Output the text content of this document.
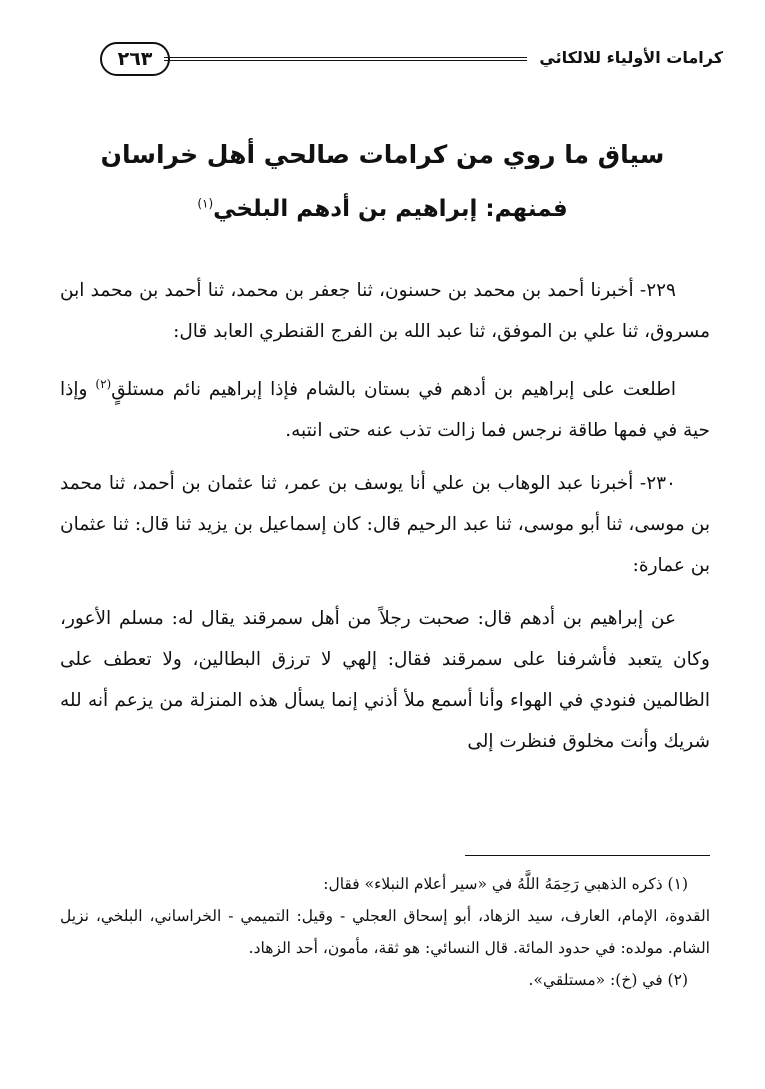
كرامات الأولياء للالكائي
٢٦٣
سياق ما روي من كرامات صالحي أهل خراسان
فمنهم: إبراهيم بن أدهم البلخي$^{(١)}$

٢٢٩- أخبرنا أحمد بن محمد بن حسنون، ثنا جعفر بن محمد، ثنا أحمد بن محمد ابن مسروق، ثنا علي بن الموفق، ثنا عبد الله بن الفرج القنطري العابد قال:

اطلعت على إبراهيم بن أدهم في بستان بالشام فإذا إبراهيم نائم مستلقٍ$^{(٢)}$ وإذا حية في فمها طاقة نرجس فما زالت تذب عنه حتى انتبه.

٢٣٠- أخبرنا عبد الوهاب بن علي أنا يوسف بن عمر، ثنا عثمان بن أحمد، ثنا محمد بن موسى، ثنا أبو موسى، ثنا عبد الرحيم قال: كان إسماعيل بن يزيد ثنا قال: ثنا عثمان بن عمارة:

عن إبراهيم بن أدهم قال: صحبت رجلاً من أهل سمرقند يقال له: مسلم الأعور، وكان يتعبد فأشرفنا على سمرقند فقال: إلهي لا ترزق البطالين، ولا تعطف على الظالمين فنودي في الهواء وأنا أسمع ملأ أذني إنما يسأل هذه المنزلة من يزعم أنه لله شريك وأنت مخلوق فنظرت إلى

(١) ذكره الذهبي رَحِمَهُ اللَّهُ في «سير أعلام النبلاء» فقال:

القدوة، الإمام، العارف، سيد الزهاد، أبو إسحاق العجلي - وقيل: التميمي - الخراساني، البلخي، نزيل الشام. مولده: في حدود المائة. قال النسائي: هو ثقة، مأمون، أحد الزهاد.

(٢) في (خ): «مستلقي».
